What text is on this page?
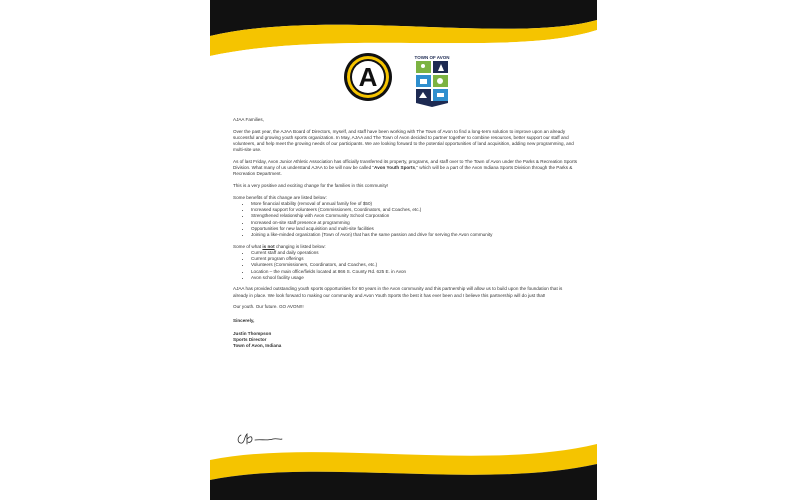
A
TOWN OF AVON

AJAA Families,

Over the past year, the AJAA Board of Directors, myself, and staff have been working with The Town of Avon to find a long-term solution to improve upon an already successful and growing youth sports organization. In May, AJAA and The Town of Avon decided to partner together to combine resources, better support our staff and volunteers, and help meet the growing needs of our participants. We are looking forward to the potential opportunities of land acquisition, adding new programming, and multi-site use.

As of last Friday, Avon Junior Athletic Association has officially transferred its property, programs, and staff over to The Town of Avon under the Parks & Recreation Sports Division. What many of us understand AJAA to be will now be called "Avon Youth Sports," which will be a part of the Avon Indiana Sports Division through the Parks & Recreation Department.

This is a very positive and exciting change for the families in this community!

Some benefits of this change are listed below:
• More financial stability (removal of annual family fee of $50)
• Increased support for volunteers (Commissioners, Coordinators, and Coaches, etc.)
• Strengthened relationship with Avon Community School Corporation
• Increased on-site staff presence at programming
• Opportunities for new land acquisition and multi-site facilities
• Joining a like-minded organization (Town of Avon) that has the same passion and drive for serving the Avon community
Some of what is not changing is listed below:
• Current staff and daily operations
• Current program offerings
• Volunteers (Commissioners, Coordinators, and Coaches, etc.)
• Location – the main office/fields located at 866 S. County Rd. 625 E. in Avon
• Avon school facility usage

AJAA has provided outstanding youth sports opportunities for 60 years in the Avon community and this partnership will allow us to build upon the foundation that is already in place. We look forward to making our community and Avon Youth Sports the best it has ever been and I believe this partnership will do just that!

Our youth. Our future. GO AVON!!!

Sincerely,
Justin Thompson
Sports Director
Town of Avon, Indiana
